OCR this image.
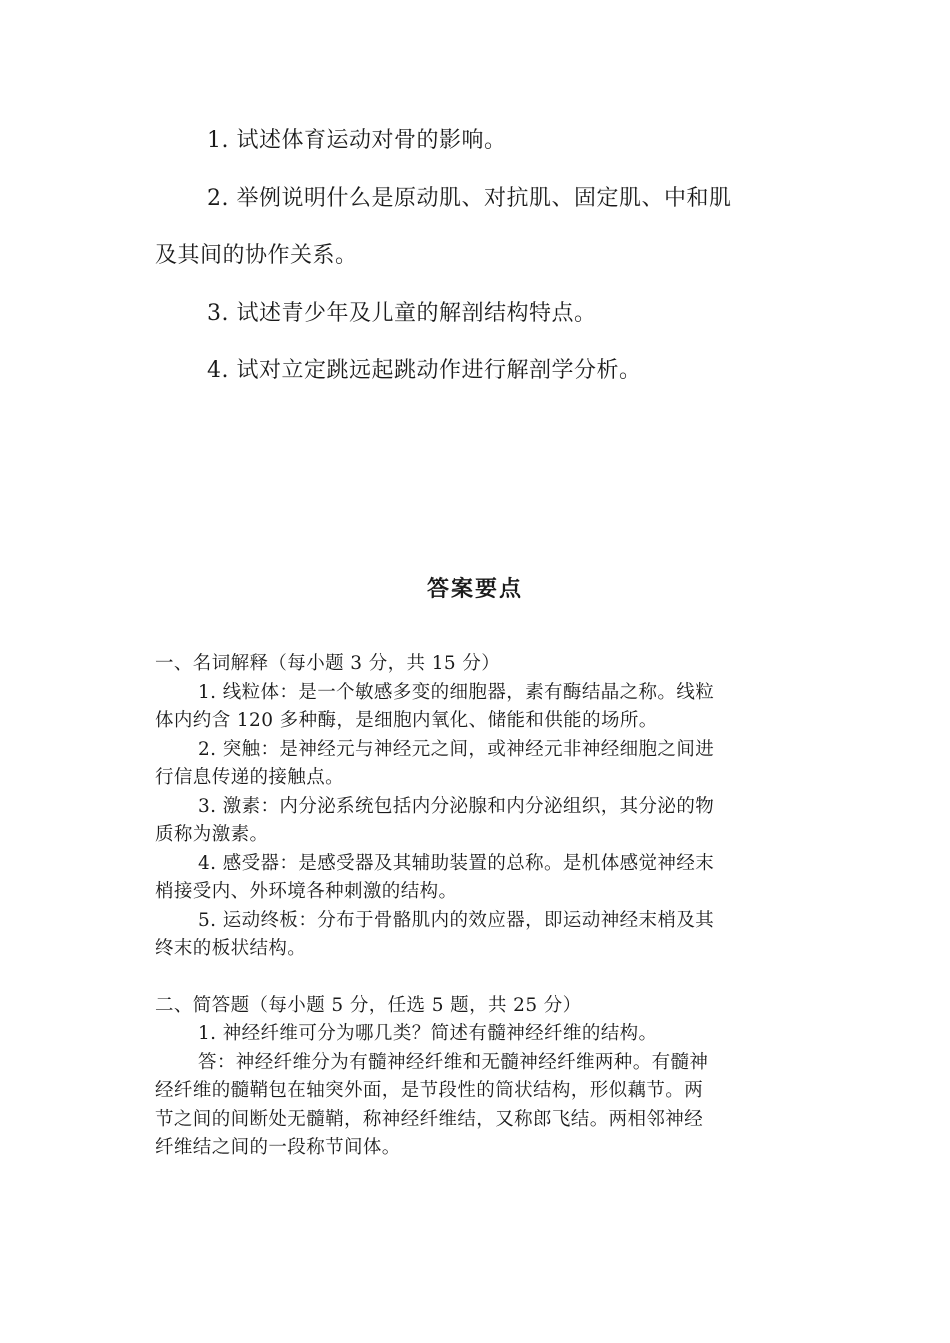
1. 试述体育运动对骨的影响。

2. 举例说明什么是原动肌、对抗肌、固定肌、中和肌

及其间的协作关系。

3. 试述青少年及儿童的解剖结构特点。

4. 试对立定跳远起跳动作进行解剖学分析。

答案要点

一、名词解释（每小题 3 分，共 15 分）

1. 线粒体：是一个敏感多变的细胞器，素有酶结晶之称。线粒

体内约含 120 多种酶，是细胞内氧化、储能和供能的场所。

2. 突触：是神经元与神经元之间，或神经元非神经细胞之间进

行信息传递的接触点。

3. 激素：内分泌系统包括内分泌腺和内分泌组织，其分泌的物

质称为激素。

4. 感受器：是感受器及其辅助装置的总称。是机体感觉神经末

梢接受内、外环境各种刺激的结构。

5. 运动终板：分布于骨骼肌内的效应器，即运动神经末梢及其

终末的板状结构。

二、简答题（每小题 5 分，任选 5 题，共 25 分）

1. 神经纤维可分为哪几类？简述有髓神经纤维的结构。

答：神经纤维分为有髓神经纤维和无髓神经纤维两种。有髓神

经纤维的髓鞘包在轴突外面，是节段性的筒状结构，形似藕节。两

节之间的间断处无髓鞘，称神经纤维结，又称郎飞结。两相邻神经

纤维结之间的一段称节间体。
